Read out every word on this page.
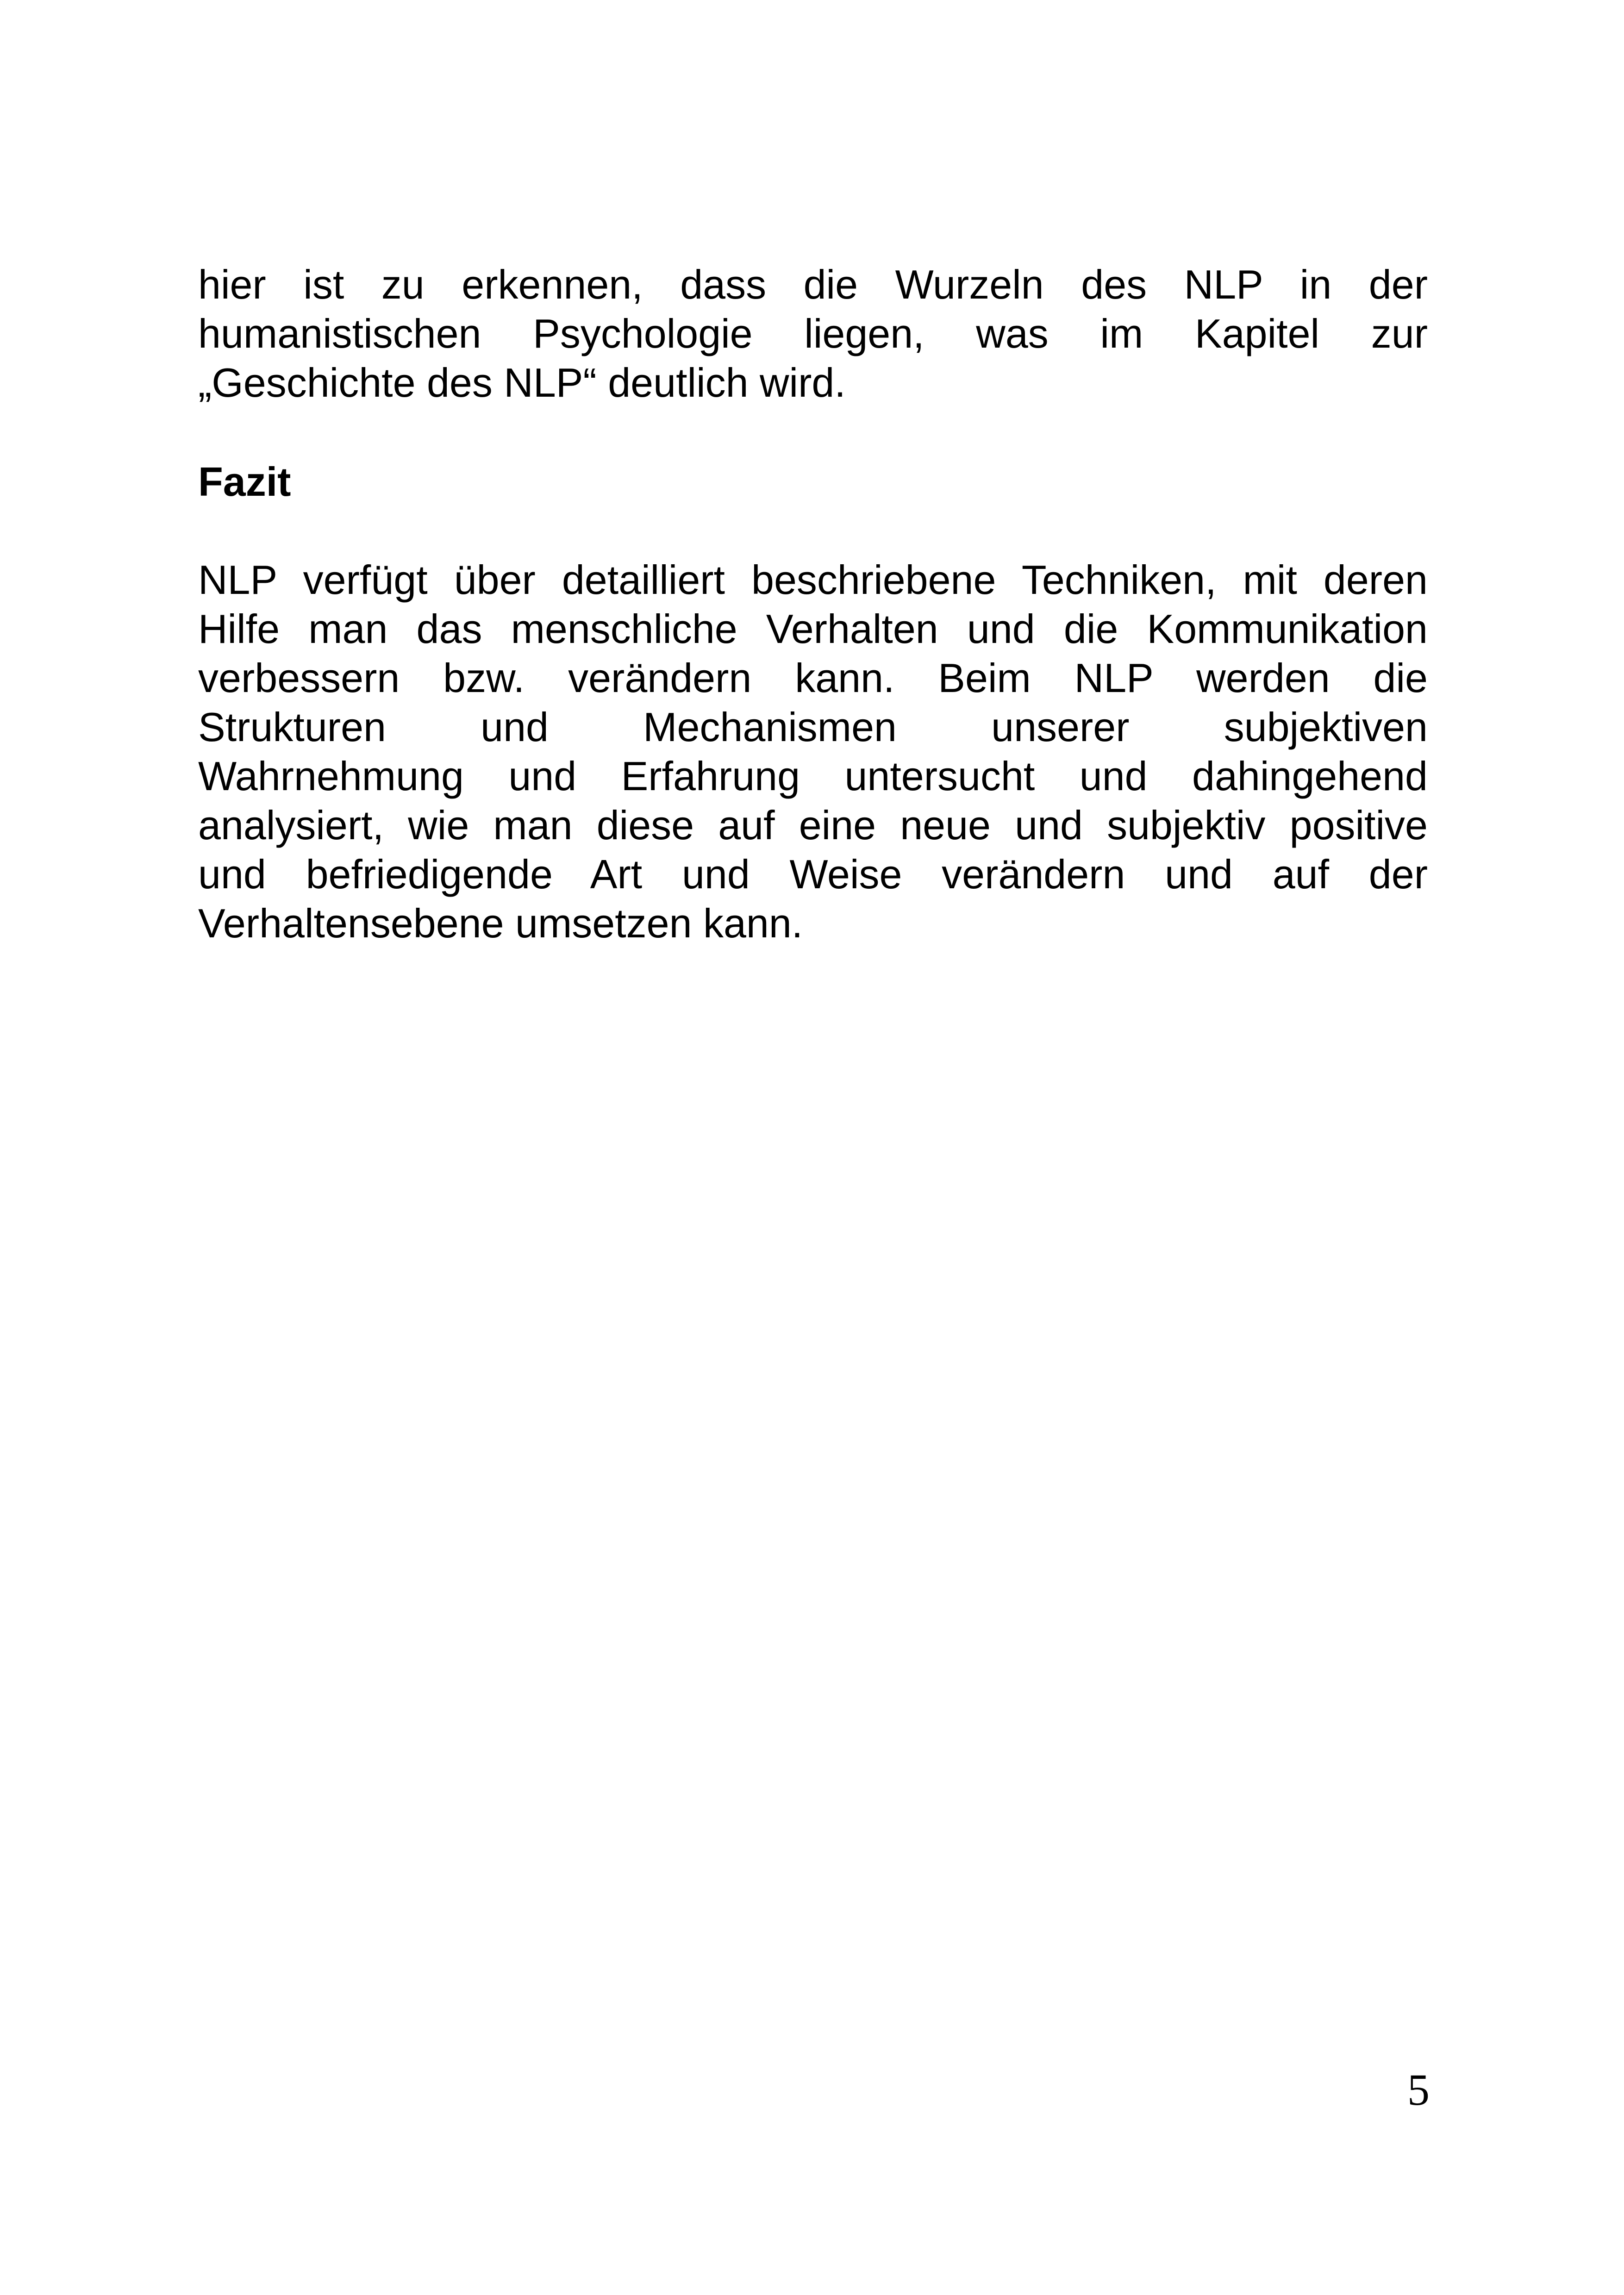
hier ist zu erkennen, dass die Wurzeln des NLP in der
humanistischen Psychologie liegen, was im Kapitel zur
„Geschichte des NLP“ deutlich wird.
Fazit
NLP verfügt über detailliert beschriebene Techniken, mit deren
Hilfe man das menschliche Verhalten und die Kommunikation
verbessern bzw. verändern kann. Beim NLP werden die
Strukturen und Mechanismen unserer subjektiven
Wahrnehmung und Erfahrung untersucht und dahingehend
analysiert, wie man diese auf eine neue und subjektiv positive
und befriedigende Art und Weise verändern und auf der
Verhaltensebene umsetzen kann.
5
